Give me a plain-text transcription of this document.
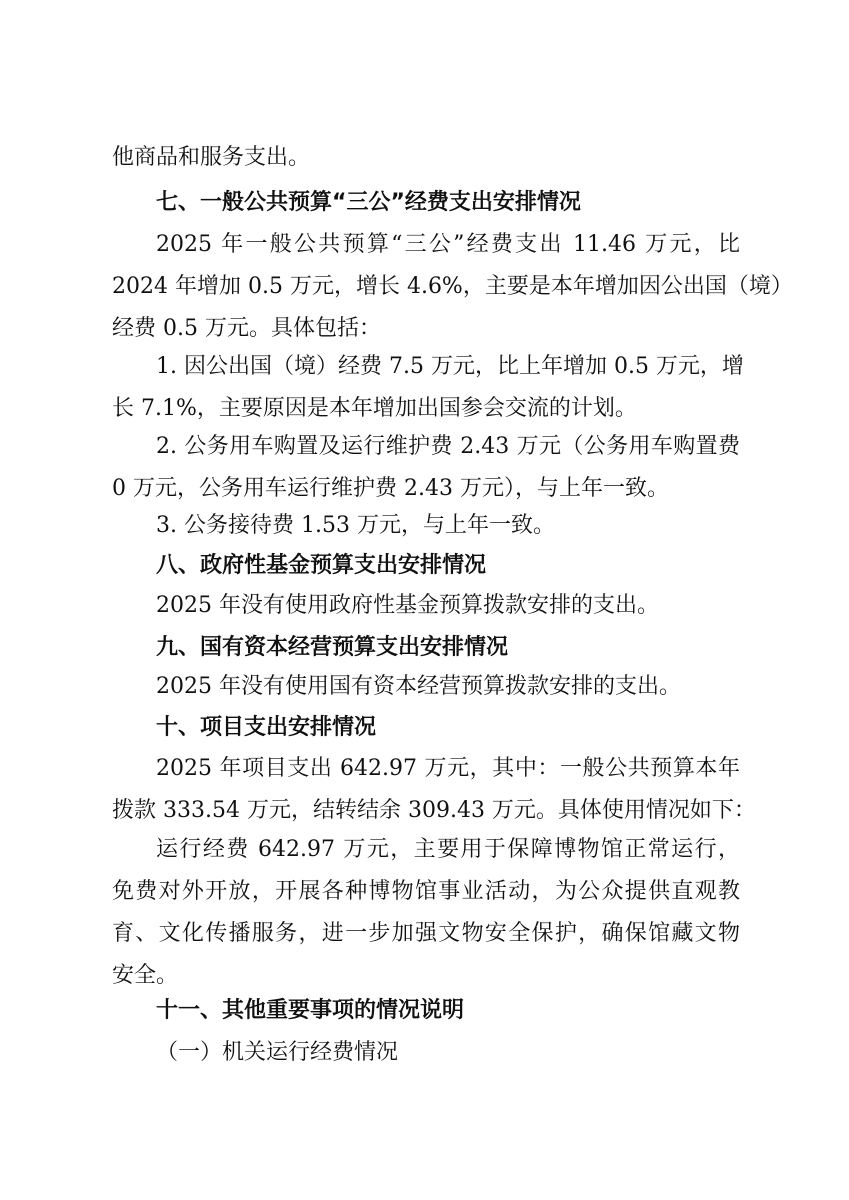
他商品和服务支出。
七、一般公共预算“三公”经费支出安排情况
2025 年一般公共预算“三公”经费支出 11.46 万元，比
2024 年增加 0.5 万元，增长 4.6%，主要是本年增加因公出国（境）
经费 0.5 万元。具体包括：
1. 因公出国（境）经费 7.5 万元，比上年增加 0.5 万元，增
长 7.1%，主要原因是本年增加出国参会交流的计划。
2. 公务用车购置及运行维护费 2.43 万元（公务用车购置费
0 万元，公务用车运行维护费 2.43 万元），与上年一致。
3. 公务接待费 1.53 万元，与上年一致。
八、政府性基金预算支出安排情况
2025 年没有使用政府性基金预算拨款安排的支出。
九、国有资本经营预算支出安排情况
2025 年没有使用国有资本经营预算拨款安排的支出。
十、项目支出安排情况
2025 年项目支出 642.97 万元，其中：一般公共预算本年
拨款 333.54 万元，结转结余 309.43 万元。具体使用情况如下：
运行经费 642.97 万元，主要用于保障博物馆正常运行，
免费对外开放，开展各种博物馆事业活动，为公众提供直观教
育、文化传播服务，进一步加强文物安全保护，确保馆藏文物
安全。
十一、其他重要事项的情况说明
（一）机关运行经费情况
